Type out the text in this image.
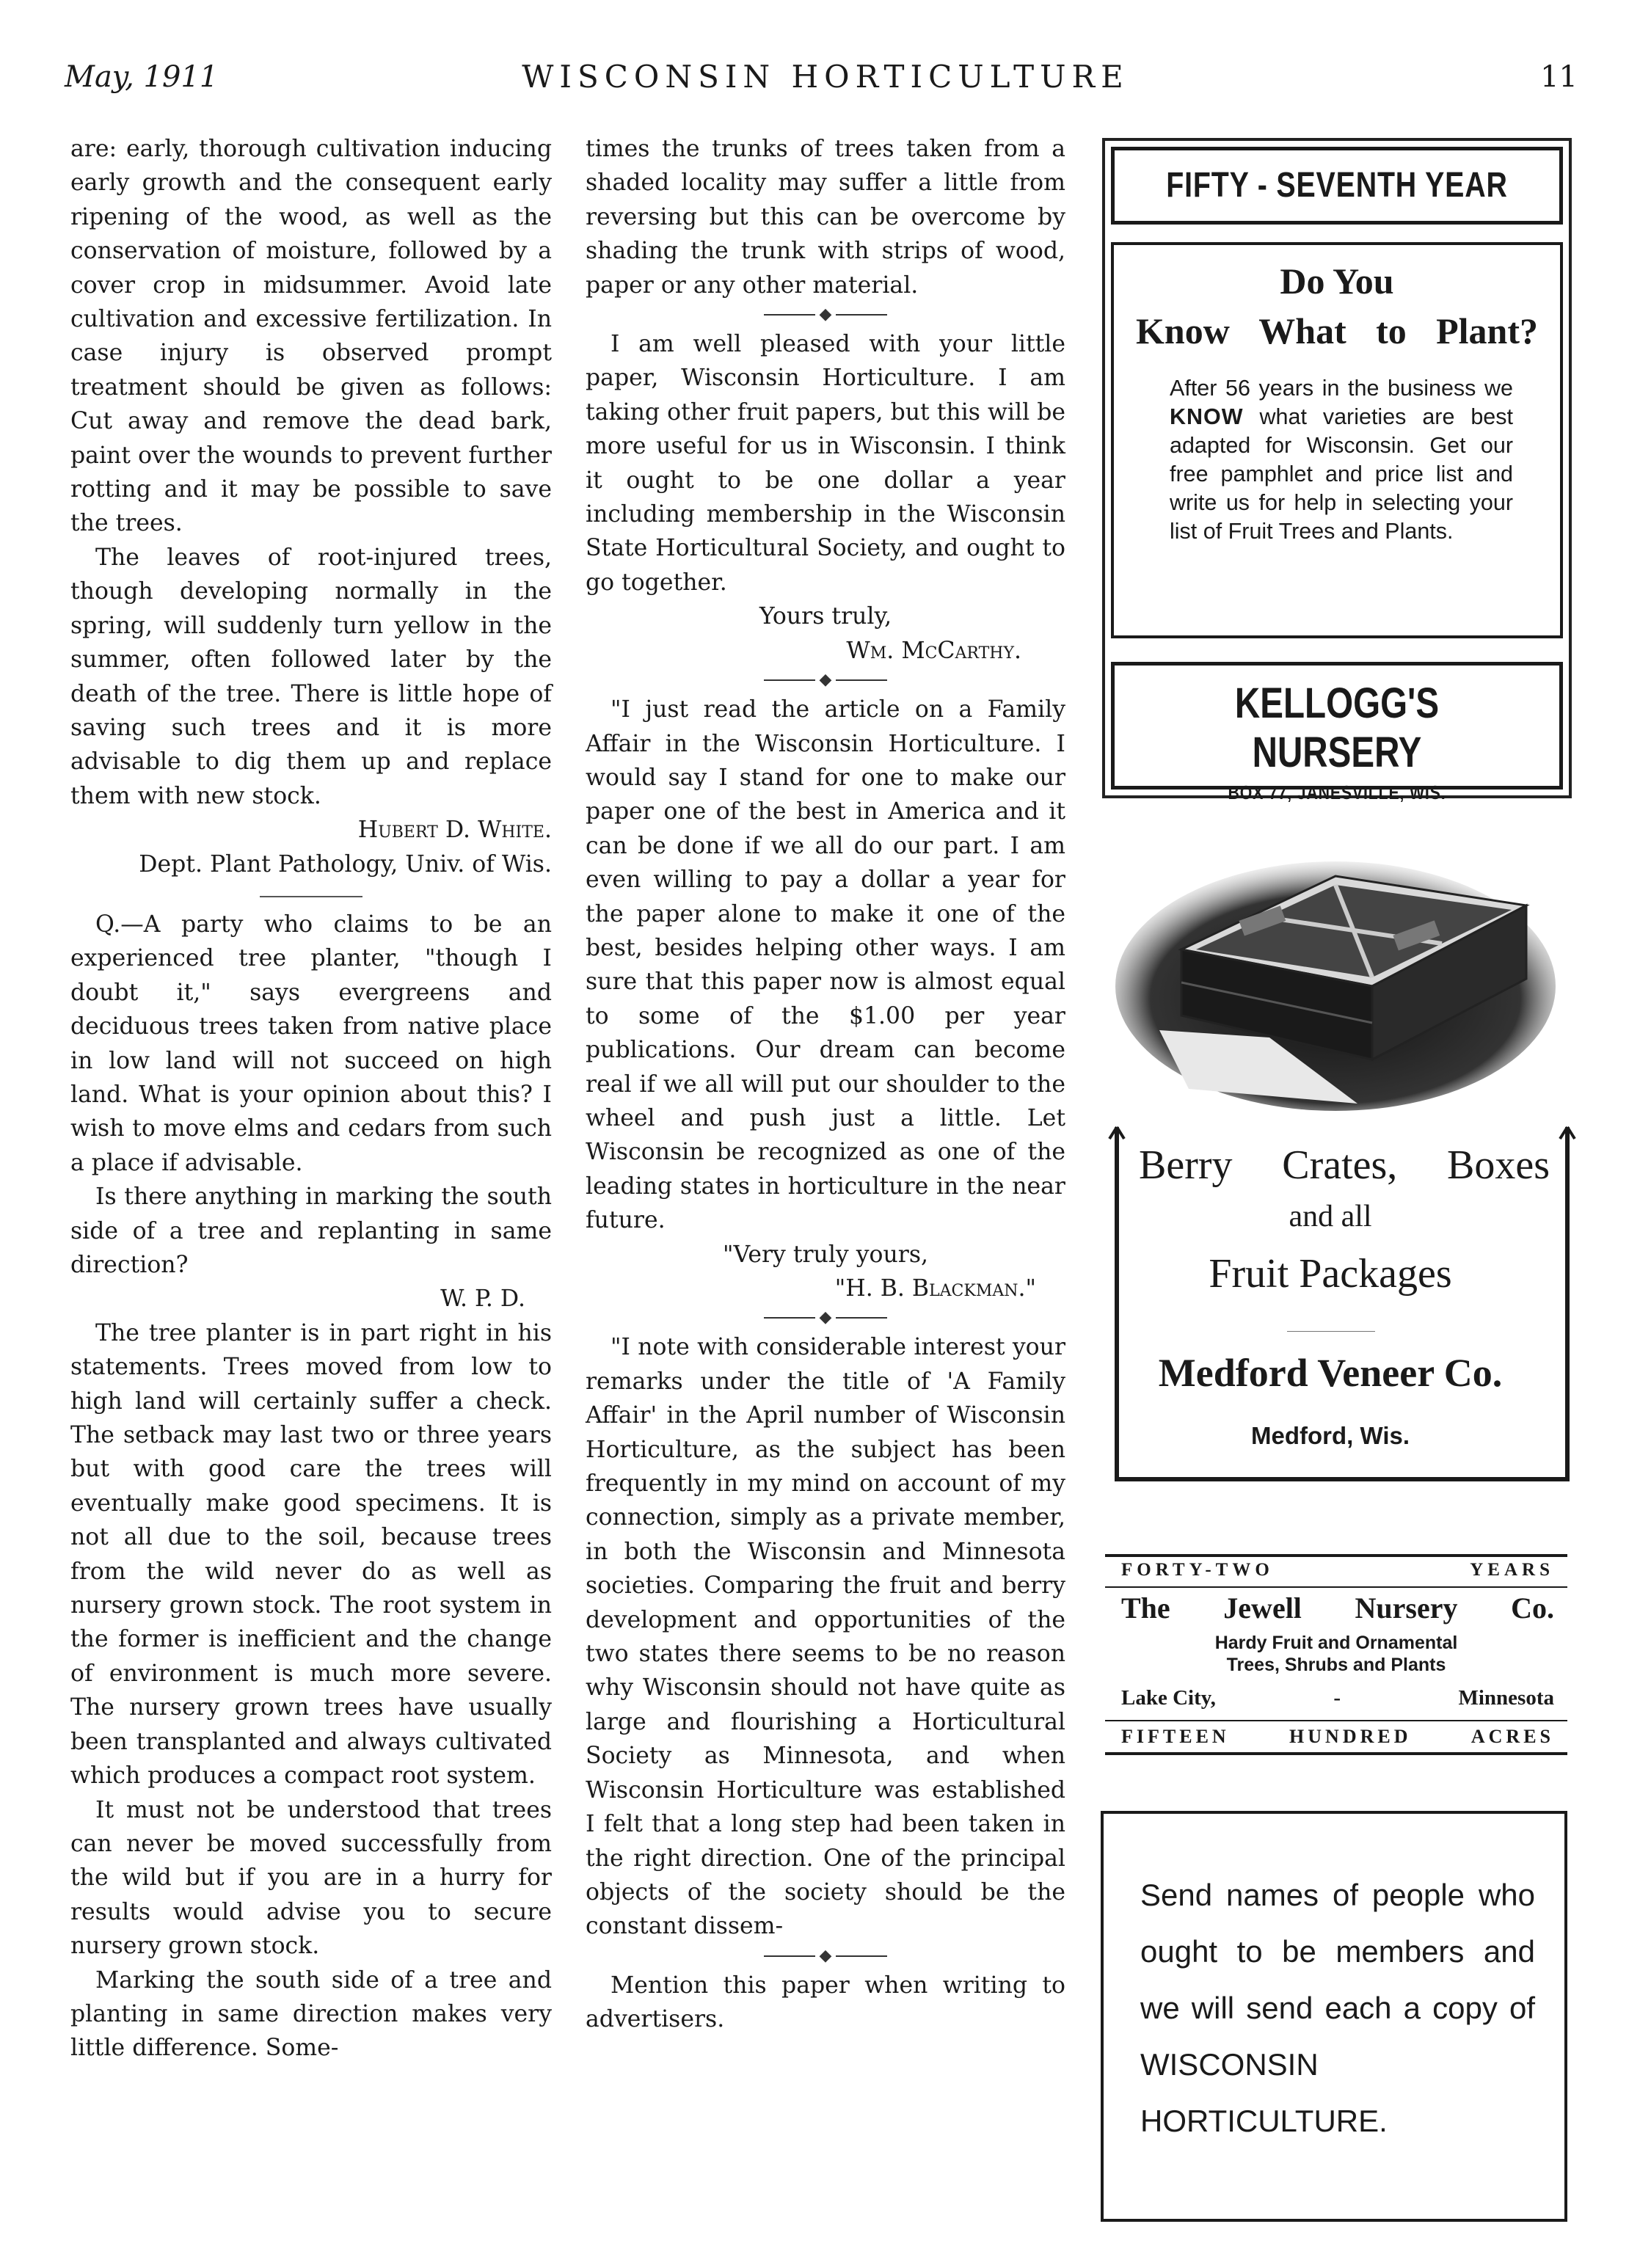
WISCONSIN HORTICULTURE
May, 1911	11

are: early, thorough cultivation inducing early growth and the consequent early ripening of the wood, as well as the conservation of moisture, followed by a cover crop in midsummer. Avoid late cultivation and excessive fertilization. In case injury is observed prompt treatment should be given as follows: Cut away and remove the dead bark, paint over the wounds to prevent further rotting and it may be possible to save the trees.

The leaves of root-injured trees, though developing normally in the spring, will suddenly turn yellow in the summer, often followed later by the death of the tree. There is little hope of saving such trees and it is more advisable to dig them up and replace them with new stock.

Hubert D. White.

Dept. Plant Pathology, Univ. of Wis.

Q.—A party who claims to be an experienced tree planter, "though I doubt it," says evergreens and deciduous trees taken from native place in low land will not succeed on high land. What is your opinion about this? I wish to move elms and cedars from such a place if advisable.

Is there anything in marking the south side of a tree and replanting in same direction?

W. P. D.

The tree planter is in part right in his statements. Trees moved from low to high land will certainly suffer a check. The setback may last two or three years but with good care the trees will eventually make good specimens. It is not all due to the soil, because trees from the wild never do as well as nursery grown stock. The root system in the former is inefficient and the change of environment is much more severe. The nursery grown trees have usually been transplanted and always cultivated which produces a compact root system.

It must not be understood that trees can never be moved successfully from the wild but if you are in a hurry for results would advise you to secure nursery grown stock.

Marking the south side of a tree and planting in same direction makes very little difference. Some-

times the trunks of trees taken from a shaded locality may suffer a little from reversing but this can be overcome by shading the trunk with strips of wood, paper or any other material.

◆

I am well pleased with your little paper, Wisconsin Horticulture. I am taking other fruit papers, but this will be more useful for us in Wisconsin. I think it ought to be one dollar a year including membership in the Wisconsin State Horticultural Society, and ought to go together.

Yours truly,

Wm. McCarthy.

◆

"I just read the article on a Family Affair in the Wisconsin Horticulture. I would say I stand for one to make our paper one of the best in America and it can be done if we all do our part. I am even willing to pay a dollar a year for the paper alone to make it one of the best, besides helping other ways. I am sure that this paper now is almost equal to some of the $1.00 per year publications. Our dream can become real if we all will put our shoulder to the wheel and push just a little. Let Wisconsin be recognized as one of the leading states in horticulture in the near future.

"Very truly yours,

"H. B. Blackman."

◆

"I note with considerable interest your remarks under the title of 'A Family Affair' in the April number of Wisconsin Horticulture, as the subject has been frequently in my mind on account of my connection, simply as a private member, in both the Wisconsin and Minnesota societies. Comparing the fruit and berry development and opportunities of the two states there seems to be no reason why Wisconsin should not have quite as large and flourishing a Horticultural Society as Minnesota, and when Wisconsin Horticulture was established I felt that a long step had been taken in the right direction. One of the principal objects of the society should be the constant dissem-

◆

Mention this paper when writing to advertisers.

FIFTY - SEVENTH YEAR
Do You
Know What to Plant?
After 56 years in the business we KNOW what varieties are best adapted for Wisconsin. Get our free pamphlet and price list and write us for help in selecting your list of Fruit Trees and Plants.
KELLOGG'S NURSERY
BOX 77, JANESVILLE, WIS.
Berry Crates, Boxes
and all
Fruit Packages
Medford Veneer Co.
Medford, Wis.
FORTY-TWO	YEARS
The Jewell Nursery Co.
Hardy Fruit and Ornamental
Trees, Shrubs and Plants
Lake City,	-	Minnesota
FIFTEEN	HUNDRED	ACRES
Send names of people who ought to be members and we will send each a copy of WISCONSIN HORTICULTURE.
